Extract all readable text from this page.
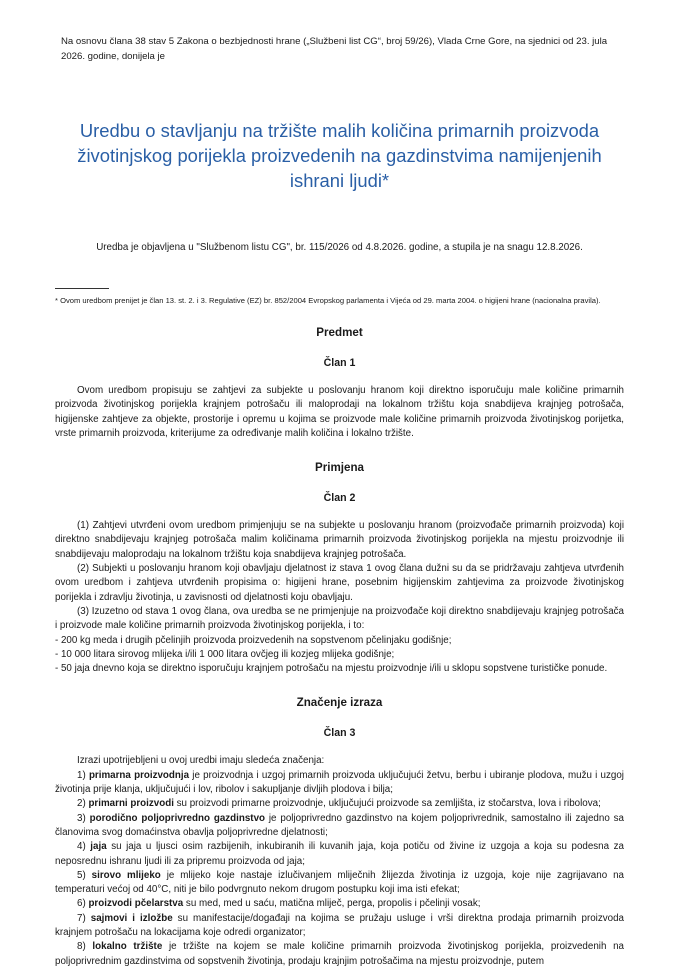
Na osnovu člana 38 stav 5 Zakona o bezbjednosti hrane („Službeni list CG“, broj 59/26), Vlada Crne Gore, na sjednici od 23. jula 2026. godine, donijela je

Uredbu o stavljanju na tržište malih količina primarnih proizvoda životinjskog porijekla proizvedenih na gazdinstvima namijenjenih ishrani ljudi*

Uredba je objavljena u "Službenom listu CG", br. 115/2026 od 4.8.2026. godine, a stupila je na snagu 12.8.2026.

* Ovom uredbom prenijet je član 13. st. 2. i 3. Regulative (EZ) br. 852/2004 Evropskog parlamenta i Vijeća od 29. marta 2004. o higijeni hrane (nacionalna pravila).

Predmet
Član 1

Ovom uredbom propisuju se zahtjevi za subjekte u poslovanju hranom koji direktno isporučuju male količine primarnih proizvoda životinjskog porijekla krajnjem potrošaču ili maloprodaji na lokalnom tržištu koja snabdijeva krajnjeg potrošača, higijenske zahtjeve za objekte, prostorije i opremu u kojima se proizvode male količine primarnih proizvoda životinjskog porijetka, vrste primarnih proizvoda, kriterijume za određivanje malih količina i lokalno tržište.

Primjena
Član 2

(1) Zahtjevi utvrđeni ovom uredbom primjenjuju se na subjekte u poslovanju hranom (proizvođače primarnih proizvoda) koji direktno snabdijevaju krajnjeg potrošača malim količinama primarnih proizvoda životinjskog porijekla na mjestu proizvodnje ili snabdijevaju maloprodaju na lokalnom tržištu koja snabdijeva krajnjeg potrošača.

(2) Subjekti u poslovanju hranom koji obavljaju djelatnost iz stava 1 ovog člana dužni su da se pridržavaju zahtjeva utvrđenih ovom uredbom i zahtjeva utvrđenih propisima o: higijeni hrane, posebnim higijenskim zahtjevima za proizvode životinjskog porijekla i zdravlju životinja, u zavisnosti od djelatnosti koju obavljaju.

(3) Izuzetno od stava 1 ovog člana, ova uredba se ne primjenjuje na proizvođače koji direktno snabdijevaju krajnjeg potrošača i proizvode male količine primarnih proizvoda životinjskog porijekla, i to:

- 200 kg meda i drugih pčelinjih proizvoda proizvedenih na sopstvenom pčelinjaku godišnje;
- 10 000 litara sirovog mlijeka i/ili 1 000 litara ovčjeg ili kozjeg mlijeka godišnje;
- 50 jaja dnevno koja se direktno isporučuju krajnjem potrošaču na mjestu proizvodnje i/ili u sklopu sopstvene turističke ponude.
Značenje izraza
Član 3

Izrazi upotrijebljeni u ovoj uredbi imaju sledeća značenja:

1) primarna proizvodnja je proizvodnja i uzgoj primarnih proizvoda uključujući žetvu, berbu i ubiranje plodova, mužu i uzgoj životinja prije klanja, uključujući i lov, ribolov i sakupljanje divljih plodova i bilja;

2) primarni proizvodi su proizvodi primarne proizvodnje, uključujući proizvode sa zemljišta, iz stočarstva, lova i ribolova;

3) porodično poljoprivredno gazdinstvo je poljoprivredno gazdinstvo na kojem poljoprivrednik, samostalno ili zajedno sa članovima svog domaćinstva obavlja poljoprivredne djelatnosti;

4) jaja su jaja u ljusci osim razbijenih, inkubiranih ili kuvanih jaja, koja potiču od živine iz uzgoja a koja su podesna za neposrednu ishranu ljudi ili za pripremu proizvoda od jaja;

5) sirovo mlijeko je mlijeko koje nastaje izlučivanjem mliječnih žlijezda životinja iz uzgoja, koje nije zagrijavano na temperaturi većoj od 40°C, niti je bilo podvrgnuto nekom drugom postupku koji ima isti efekat;

6) proizvodi pčelarstva su med, med u saću, matična mliječ, perga, propolis i pčelinji vosak;

7) sajmovi i izložbe su manifestacije/događaji na kojima se pružaju usluge i vrši direktna prodaja primarnih proizvoda krajnjem potrošaču na lokacijama koje odredi organizator;

8) lokalno tržište je tržište na kojem se male količine primarnih proizvoda životinjskog porijekla, proizvedenih na poljoprivrednim gazdinstvima od sopstvenih životinja, prodaju krajnjim potrošačima na mjestu proizvodnje, putem
